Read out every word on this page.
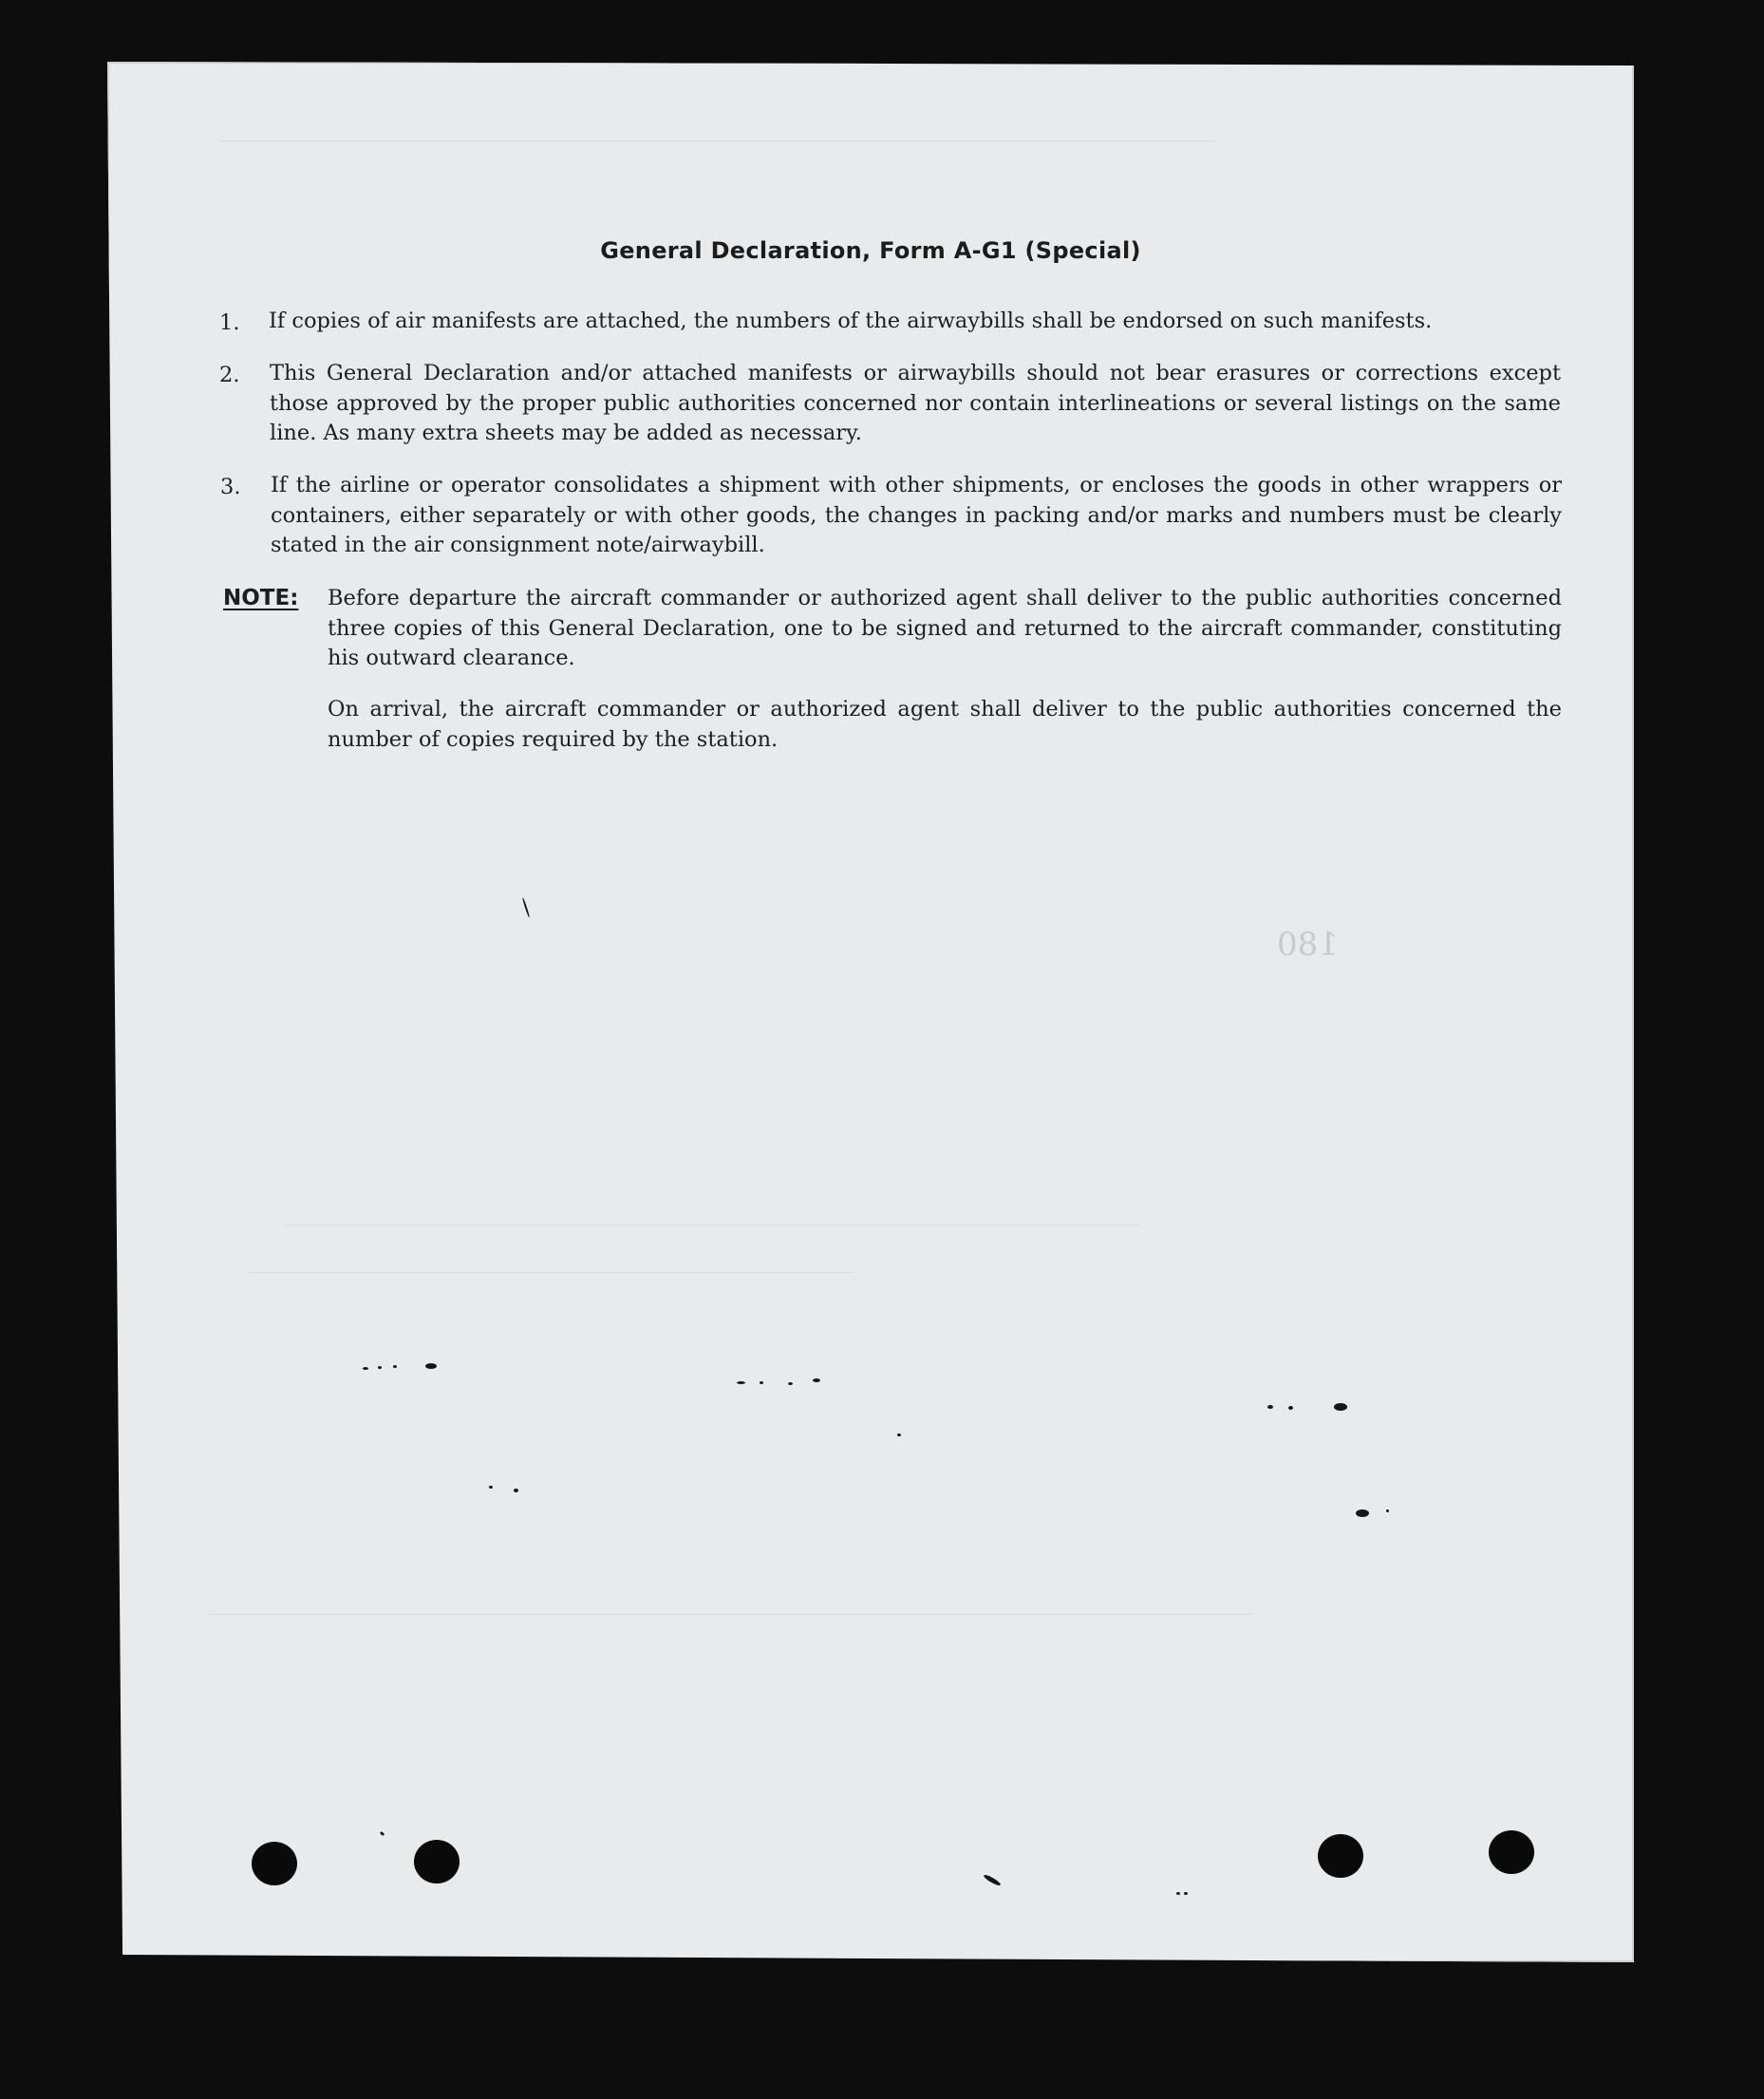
180
General Declaration, Form A-G1 (Special)
1. If copies of air manifests are attached, the numbers of the airwaybills shall be endorsed on such manifests.
2. This General Declaration and/or attached manifests or airwaybills should not bear erasures or corrections except those approved by the proper public authorities concerned nor contain interlineations or several listings on the same line. As many extra sheets may be added as necessary.
3. If the airline or operator consolidates a shipment with other shipments, or encloses the goods in other wrappers or containers, either separately or with other goods, the changes in packing and/or marks and numbers must be clearly stated in the air consignment note/airwaybill.
NOTE: Before departure the aircraft commander or authorized agent shall deliver to the public authorities concerned three copies of this General Declaration, one to be signed and returned to the aircraft commander, constituting his outward clearance.
On arrival, the aircraft commander or authorized agent shall deliver to the public authorities concerned the number of copies required by the station.
